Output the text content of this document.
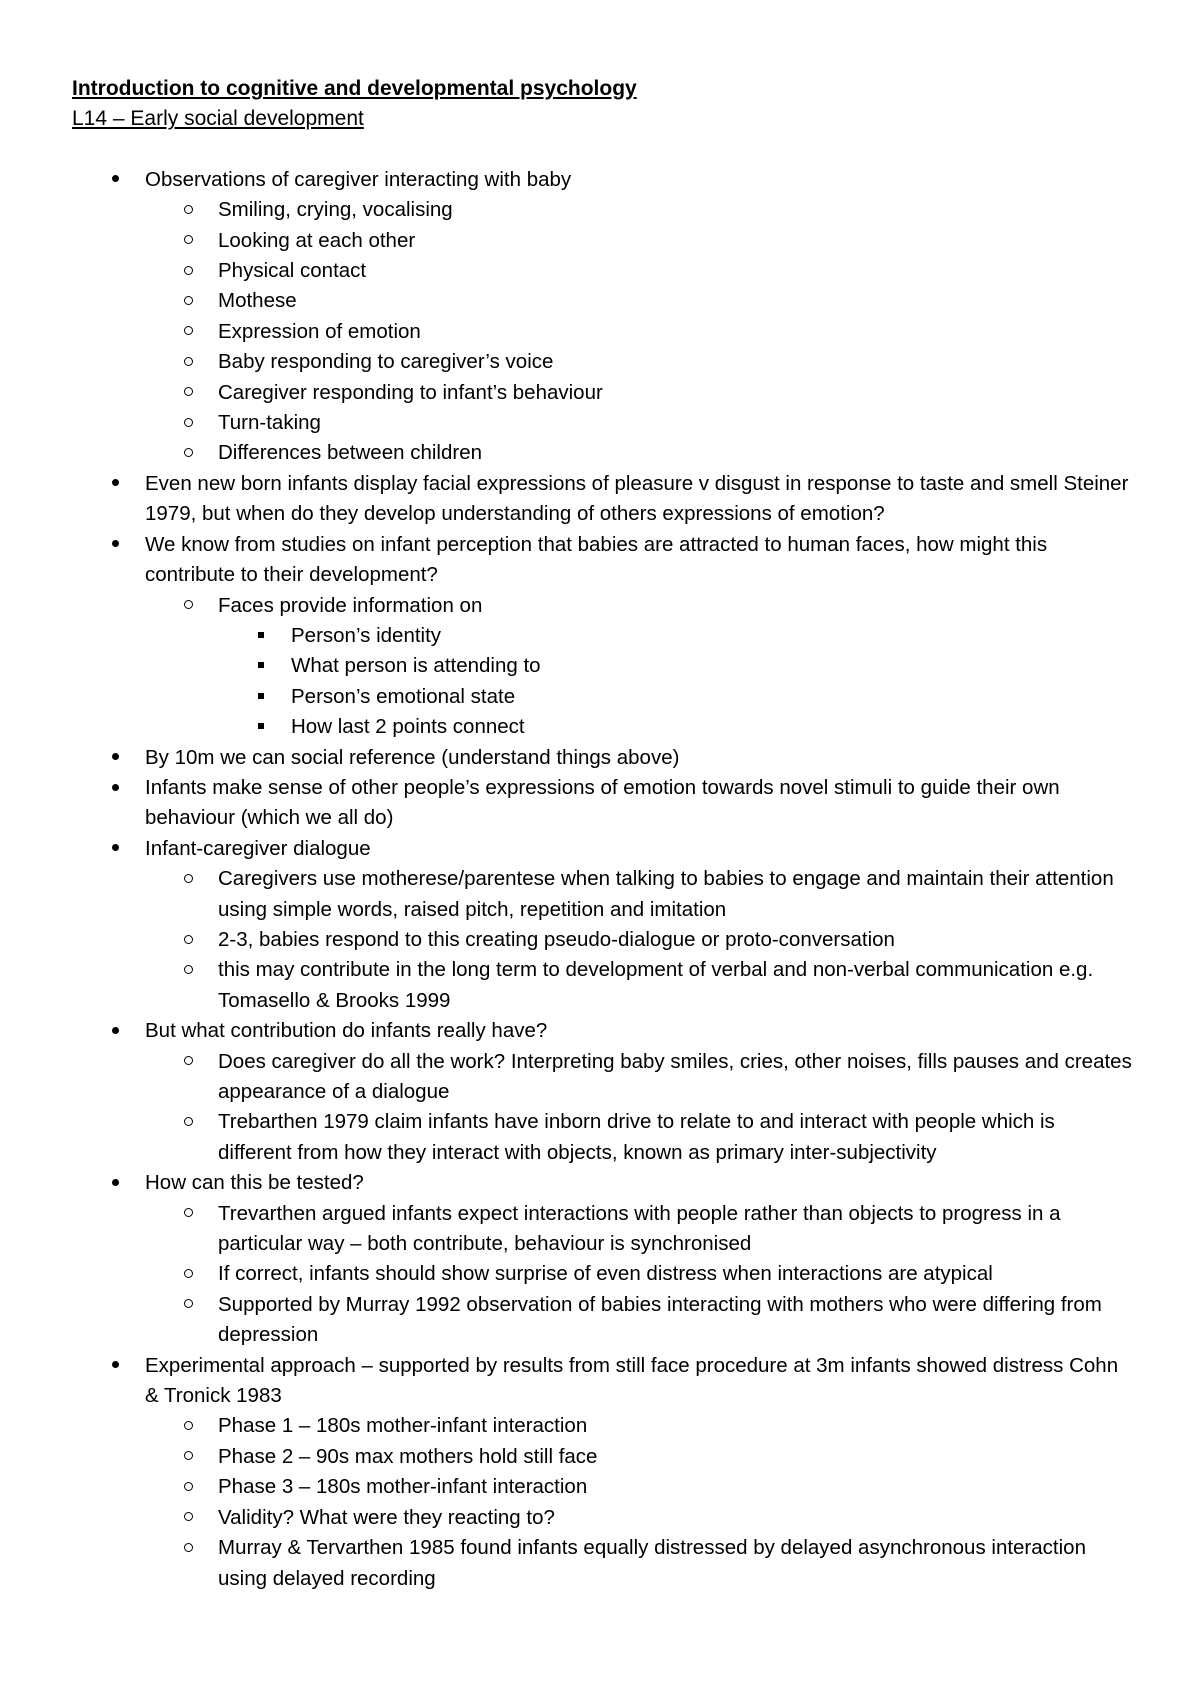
Introduction to cognitive and developmental psychology

L14 – Early social development

Observations of caregiver interacting with baby
Smiling, crying, vocalising
Looking at each other
Physical contact
Mothese
Expression of emotion
Baby responding to caregiver’s voice
Caregiver responding to infant’s behaviour
Turn-taking
Differences between children
Even new born infants display facial expressions of pleasure v disgust in response to taste and smell Steiner 1979, but when do they develop understanding of others expressions of emotion?
We know from studies on infant perception that babies are attracted to human faces, how might this contribute to their development?
Faces provide information on
Person’s identity
What person is attending to
Person’s emotional state
How last 2 points connect
By 10m we can social reference (understand things above)
Infants make sense of other people’s expressions of emotion towards novel stimuli to guide their own behaviour (which we all do)
Infant-caregiver dialogue
Caregivers use motherese/parentese when talking to babies to engage and maintain their attention using simple words, raised pitch, repetition and imitation
2-3, babies respond to this creating pseudo-dialogue or proto-conversation
this may contribute in the long term to development of verbal and non-verbal communication e.g. Tomasello & Brooks 1999
But what contribution do infants really have?
Does caregiver do all the work? Interpreting baby smiles, cries, other noises, fills pauses and creates appearance of a dialogue
Trebarthen 1979 claim infants have inborn drive to relate to and interact with people which is different from how they interact with objects, known as primary inter-subjectivity
How can this be tested?
Trevarthen argued infants expect interactions with people rather than objects to progress in a particular way – both contribute, behaviour is synchronised
If correct, infants should show surprise of even distress when interactions are atypical
Supported by Murray 1992 observation of babies interacting with mothers who were differing from depression
Experimental approach – supported by results from still face procedure at 3m infants showed distress Cohn & Tronick 1983
Phase 1 – 180s mother-infant interaction
Phase 2 – 90s max mothers hold still face
Phase 3 – 180s mother-infant interaction
Validity? What were they reacting to?
Murray & Tervarthen 1985 found infants equally distressed by delayed asynchronous interaction using delayed recording
